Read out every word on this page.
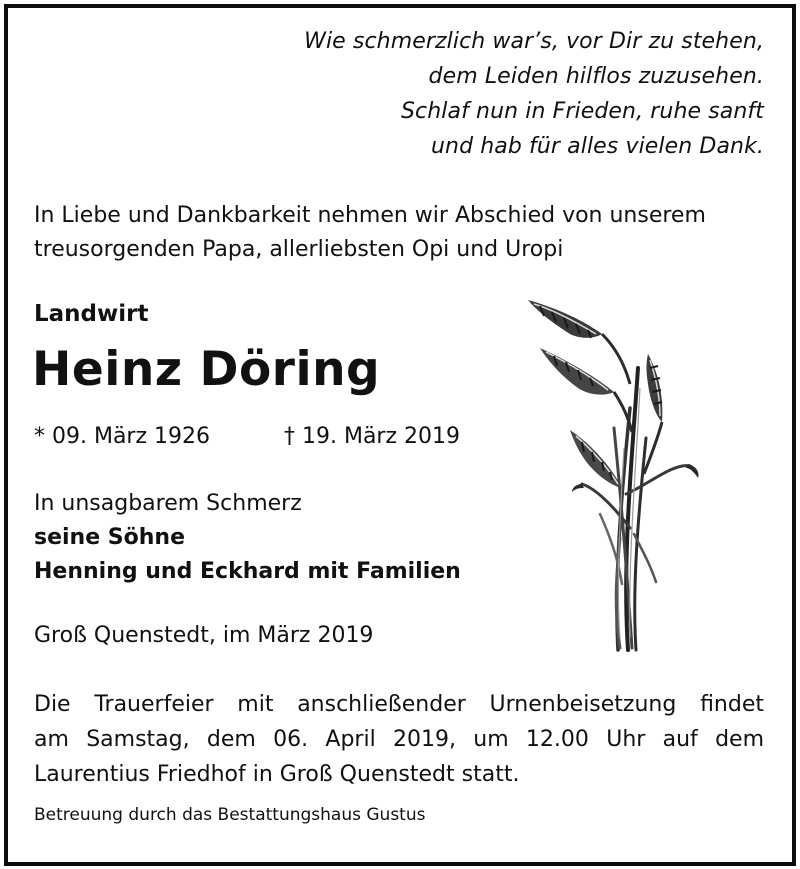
Wie schmerzlich war’s, vor Dir zu stehen,
dem Leiden hilflos zuzusehen.
Schlaf nun in Frieden, ruhe sanft
und hab für alles vielen Dank.
In Liebe und Dankbarkeit nehmen wir Abschied von unserem
treusorgenden Papa, allerliebsten Opi und Uropi
Landwirt
Heinz Döring
* 09. März 1926	† 19. März 2019
In unsagbarem Schmerz
seine Söhne
Henning und Eckhard mit Familien
Groß Quenstedt, im März 2019
Die Trauerfeier mit anschließender Urnenbeisetzung findet
am Samstag, dem 06. April 2019, um 12.00 Uhr auf dem
Laurentius Friedhof in Groß Quenstedt statt.
Betreuung durch das Bestattungshaus Gustus
